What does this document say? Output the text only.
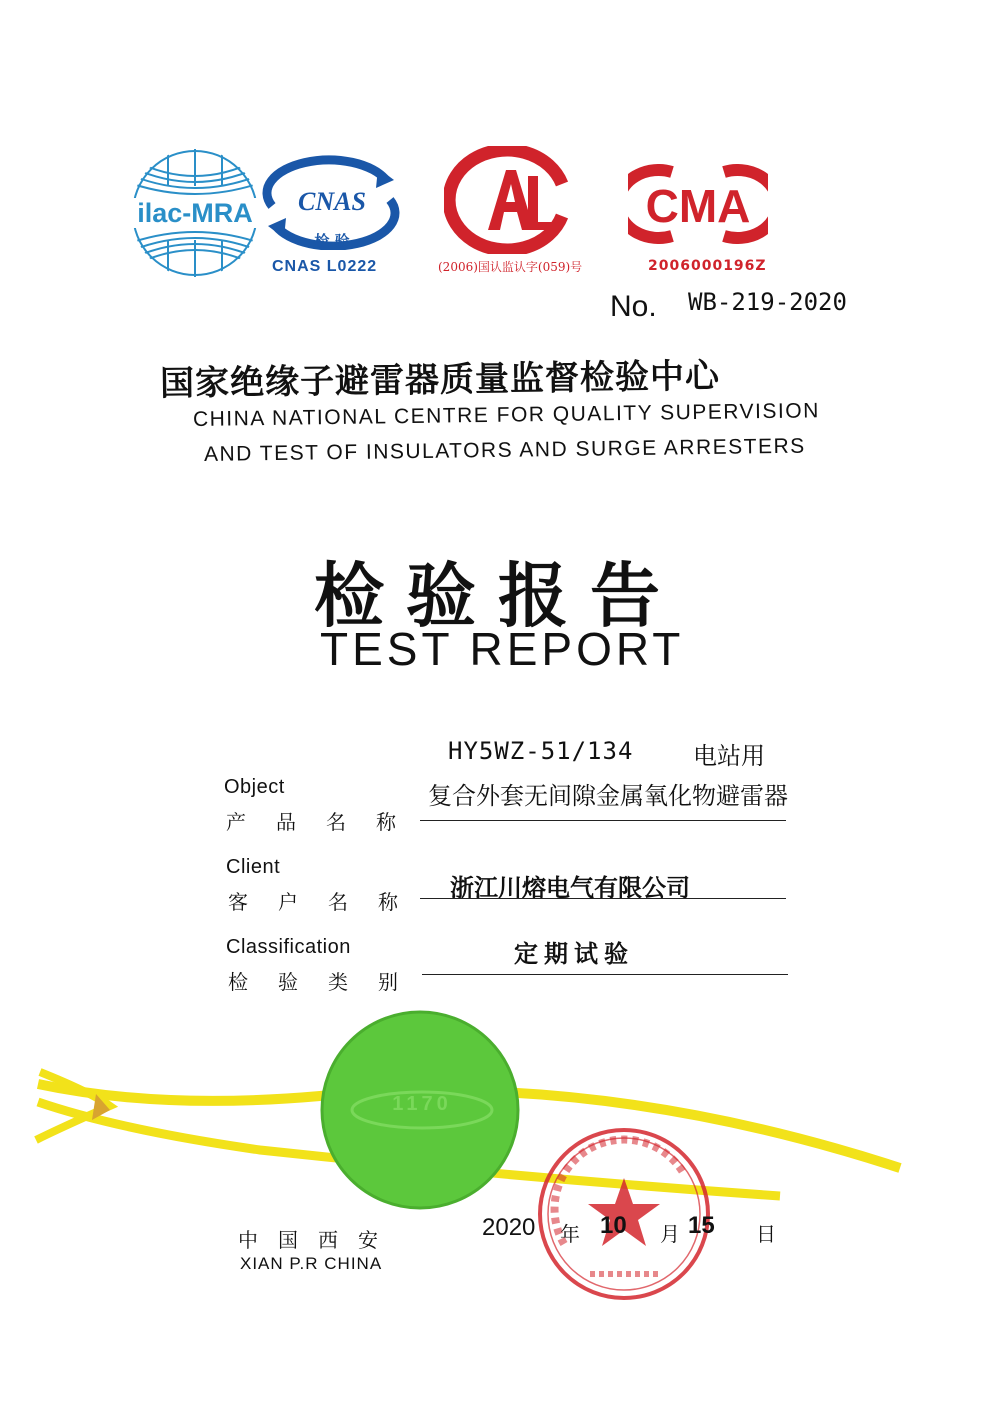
ilac-MRA CNAS
检 验
CNAS L0222
CAL
(2006)国认监认字(059)号
CMA
2006000196Z
No. WB-219-2020
国家绝缘子避雷器质量监督检验中心
CHINA NATIONAL CENTRE FOR QUALITY SUPERVISION
AND TEST OF INSULATORS AND SURGE ARRESTERS
检验报告
TEST REPORT
HY5WZ-51/134 电站用
复合外套无间隙金属氧化物避雷器
Object
产品名称
Client
客户名称 浙江川熔电气有限公司
Classification
检验类别
定期试验
1170
中国西安
XIAN P.R CHINA
2020 年 10 月 15 日
